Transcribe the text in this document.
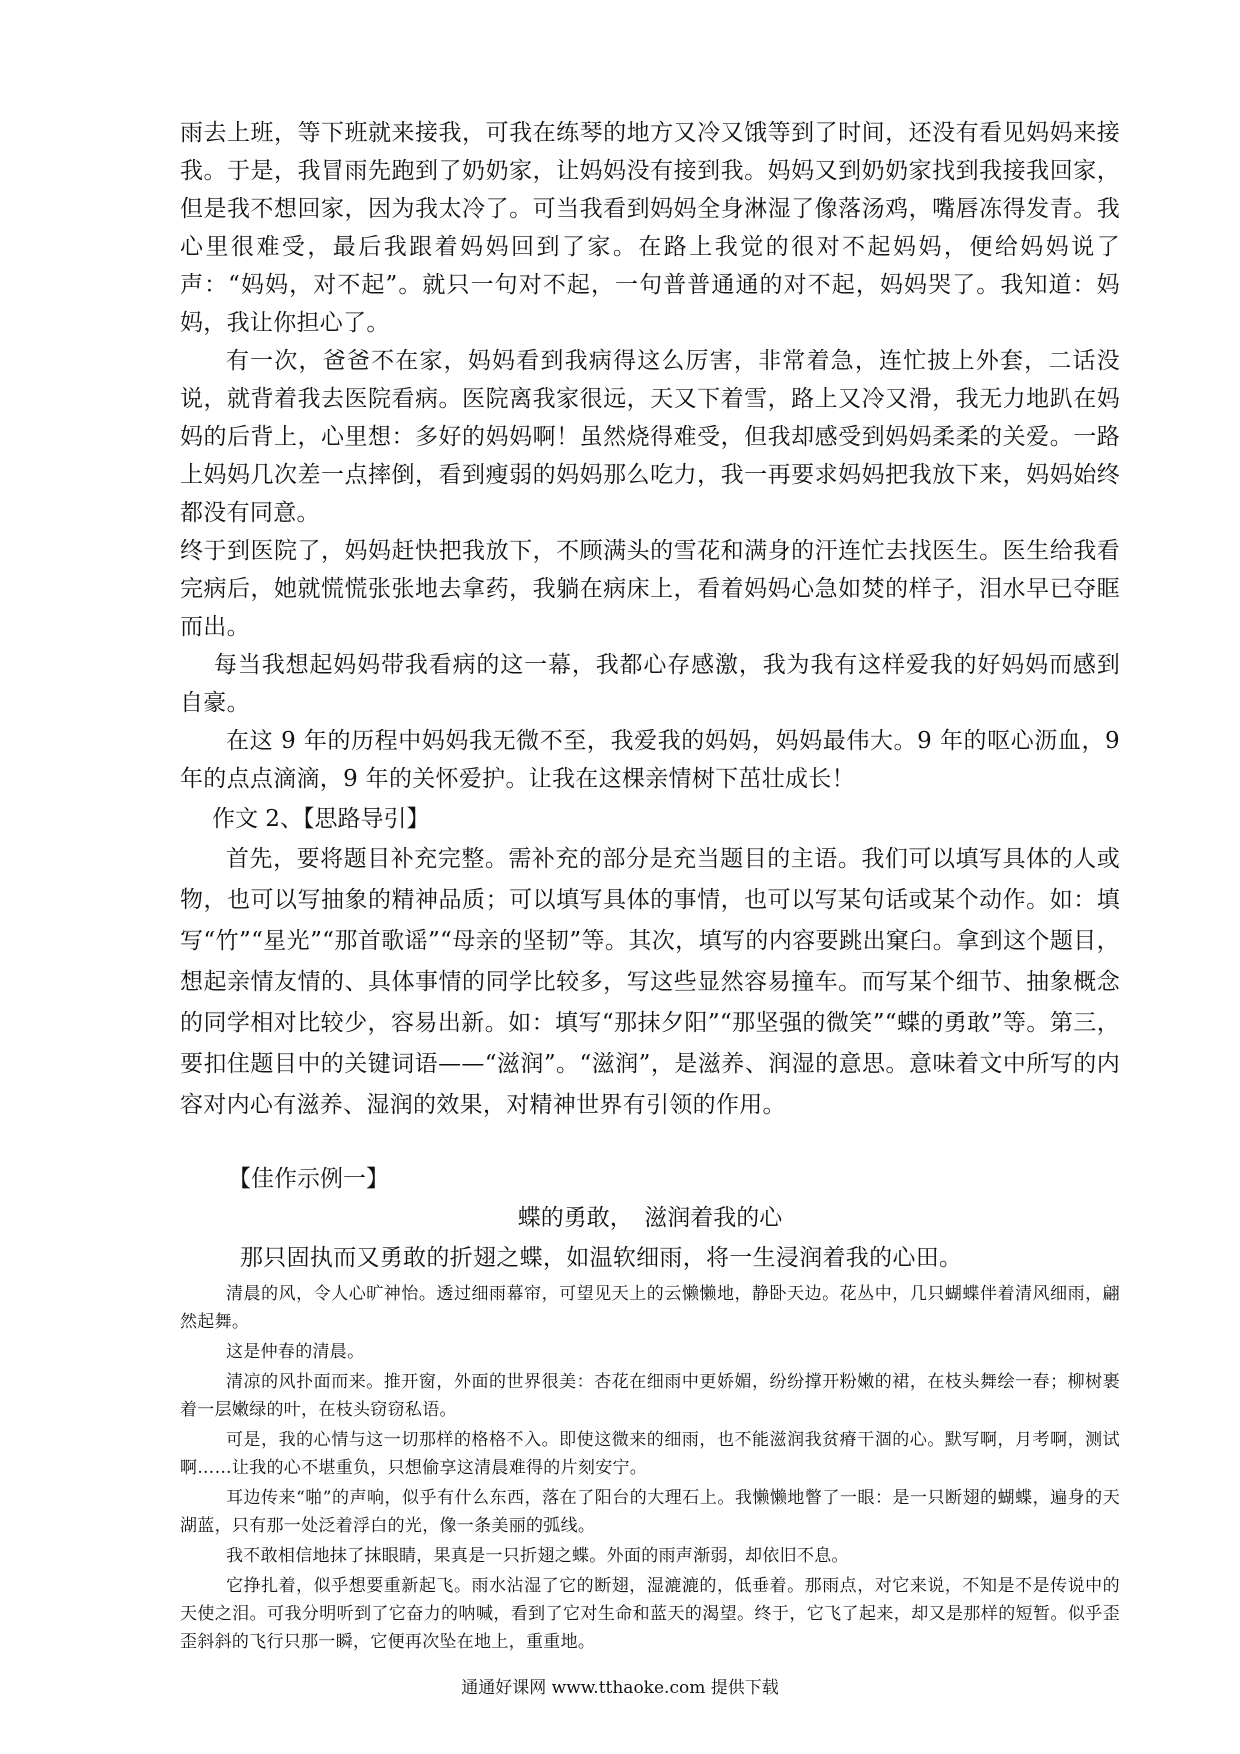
雨去上班，等下班就来接我，可我在练琴的地方又冷又饿等到了时间，还没有看见妈妈来接我。于是，我冒雨先跑到了奶奶家，让妈妈没有接到我。妈妈又到奶奶家找到我接我回家，但是我不想回家，因为我太冷了。可当我看到妈妈全身淋湿了像落汤鸡，嘴唇冻得发青。我心里很难受，最后我跟着妈妈回到了家。在路上我觉的很对不起妈妈，便给妈妈说了声：“妈妈，对不起”。就只一句对不起，一句普普通通的对不起，妈妈哭了。我知道：妈妈，我让你担心了。

有一次，爸爸不在家，妈妈看到我病得这么厉害，非常着急，连忙披上外套，二话没说，就背着我去医院看病。医院离我家很远，天又下着雪，路上又冷又滑，我无力地趴在妈妈的后背上，心里想：多好的妈妈啊！虽然烧得难受，但我却感受到妈妈柔柔的关爱。一路上妈妈几次差一点摔倒，看到瘦弱的妈妈那么吃力，我一再要求妈妈把我放下来，妈妈始终都没有同意。

终于到医院了，妈妈赶快把我放下，不顾满头的雪花和满身的汗连忙去找医生。医生给我看完病后，她就慌慌张张地去拿药，我躺在病床上，看着妈妈心急如焚的样子，泪水早已夺眶而出。

每当我想起妈妈带我看病的这一幕，我都心存感激，我为我有这样爱我的好妈妈而感到自豪。

在这 9 年的历程中妈妈我无微不至，我爱我的妈妈，妈妈最伟大。9 年的呕心沥血，9 年的点点滴滴，9 年的关怀爱护。让我在这棵亲情树下茁壮成长！

作文 2、【思路导引】

首先，要将题目补充完整。需补充的部分是充当题目的主语。我们可以填写具体的人或物，也可以写抽象的精神品质；可以填写具体的事情，也可以写某句话或某个动作。如：填写“竹”“星光”“那首歌谣”“母亲的坚韧”等。其次，填写的内容要跳出窠臼。拿到这个题目，想起亲情友情的、具体事情的同学比较多，写这些显然容易撞车。而写某个细节、抽象概念的同学相对比较少，容易出新。如：填写“那抹夕阳”“那坚强的微笑”“蝶的勇敢”等。第三，要扣住题目中的关键词语——“滋润”。“滋润”，是滋养、润湿的意思。意味着文中所写的内容对内心有滋养、湿润的效果，对精神世界有引领的作用。

【佳作示例一】

蝶的勇敢，　滋润着我的心

那只固执而又勇敢的折翅之蝶，如温软细雨，将一生浸润着我的心田。

清晨的风，令人心旷神怡。透过细雨幕帘，可望见天上的云懒懒地，静卧天边。花丛中，几只蝴蝶伴着清风细雨，翩然起舞。

这是仲春的清晨。

清凉的风扑面而来。推开窗，外面的世界很美：杏花在细雨中更娇媚，纷纷撑开粉嫩的裙，在枝头舞绘一春；柳树裹着一层嫩绿的叶，在枝头窃窃私语。

可是，我的心情与这一切那样的格格不入。即使这微来的细雨，也不能滋润我贫瘠干涸的心。默写啊，月考啊，测试啊……让我的心不堪重负，只想偷享这清晨难得的片刻安宁。

耳边传来“啪”的声响，似乎有什么东西，落在了阳台的大理石上。我懒懒地瞥了一眼：是一只断翅的蝴蝶，遍身的天湖蓝，只有那一处泛着浮白的光，像一条美丽的弧线。

我不敢相信地抹了抹眼睛，果真是一只折翅之蝶。外面的雨声渐弱，却依旧不息。

它挣扎着，似乎想要重新起飞。雨水沾湿了它的断翅，湿漉漉的，低垂着。那雨点，对它来说，不知是不是传说中的天使之泪。可我分明听到了它奋力的呐喊，看到了它对生命和蓝天的渴望。终于，它飞了起来，却又是那样的短暂。似乎歪歪斜斜的飞行只那一瞬，它便再次坠在地上，重重地。

通通好课网 www.tthaoke.com 提供下载
